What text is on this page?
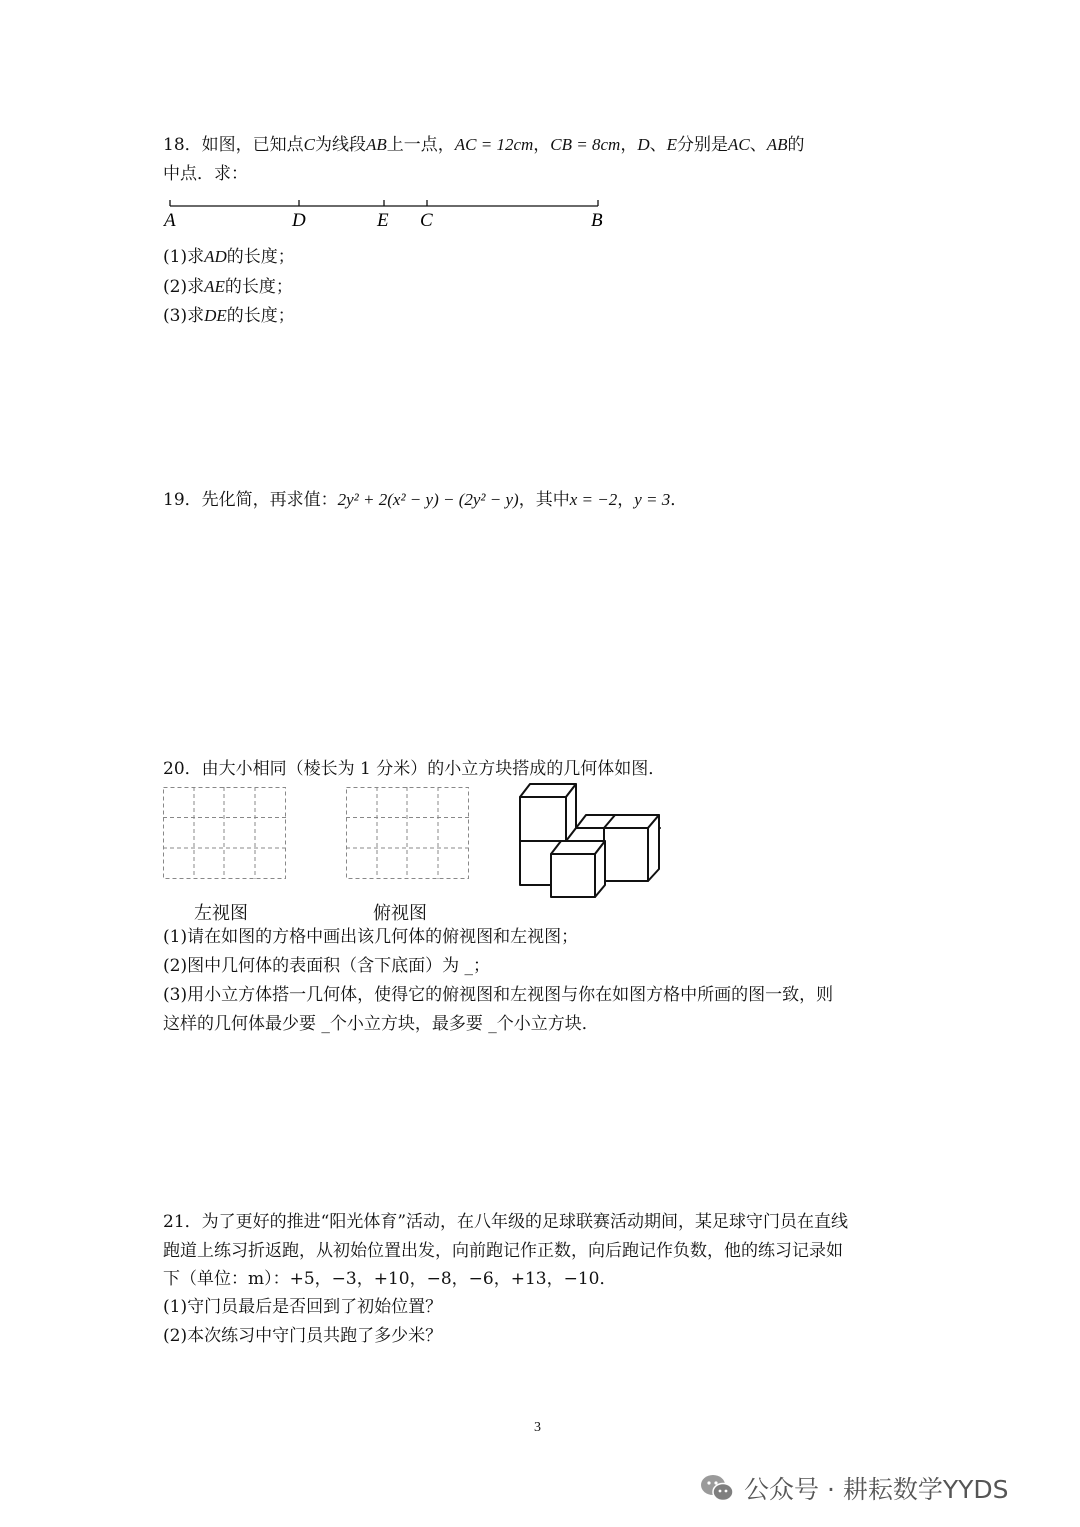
18．如图，已知点C为线段AB上一点，AC = 12cm，CB = 8cm，D、E分别是AC、AB的
中点．求：
A	D	E C	B
(1)求AD的长度；
(2)求AE的长度；
(3)求DE的长度；
19．先化简，再求值：2y² + 2(x² − y) − (2y² − y)，其中x = −2，y = 3．
20．由大小相同（棱长为 1 分米）的小立方块搭成的几何体如图．
左视图	俯视图
(1)请在如图的方格中画出该几何体的俯视图和左视图；
(2)图中几何体的表面积（含下底面）为 _；
(3)用小立方体搭一几何体，使得它的俯视图和左视图与你在如图方格中所画的图一致，则
这样的几何体最少要 _个小立方块，最多要 _个小立方块．
21．为了更好的推进“阳光体育”活动，在八年级的足球联赛活动期间，某足球守门员在直线
跑道上练习折返跑，从初始位置出发，向前跑记作正数，向后跑记作负数，他的练习记录如
下（单位：m）：+5，−3，+10，−8，−6，+13，−10．
(1)守门员最后是否回到了初始位置？
(2)本次练习中守门员共跑了多少米？
3
公众号 · 耕耘数学YYDS
